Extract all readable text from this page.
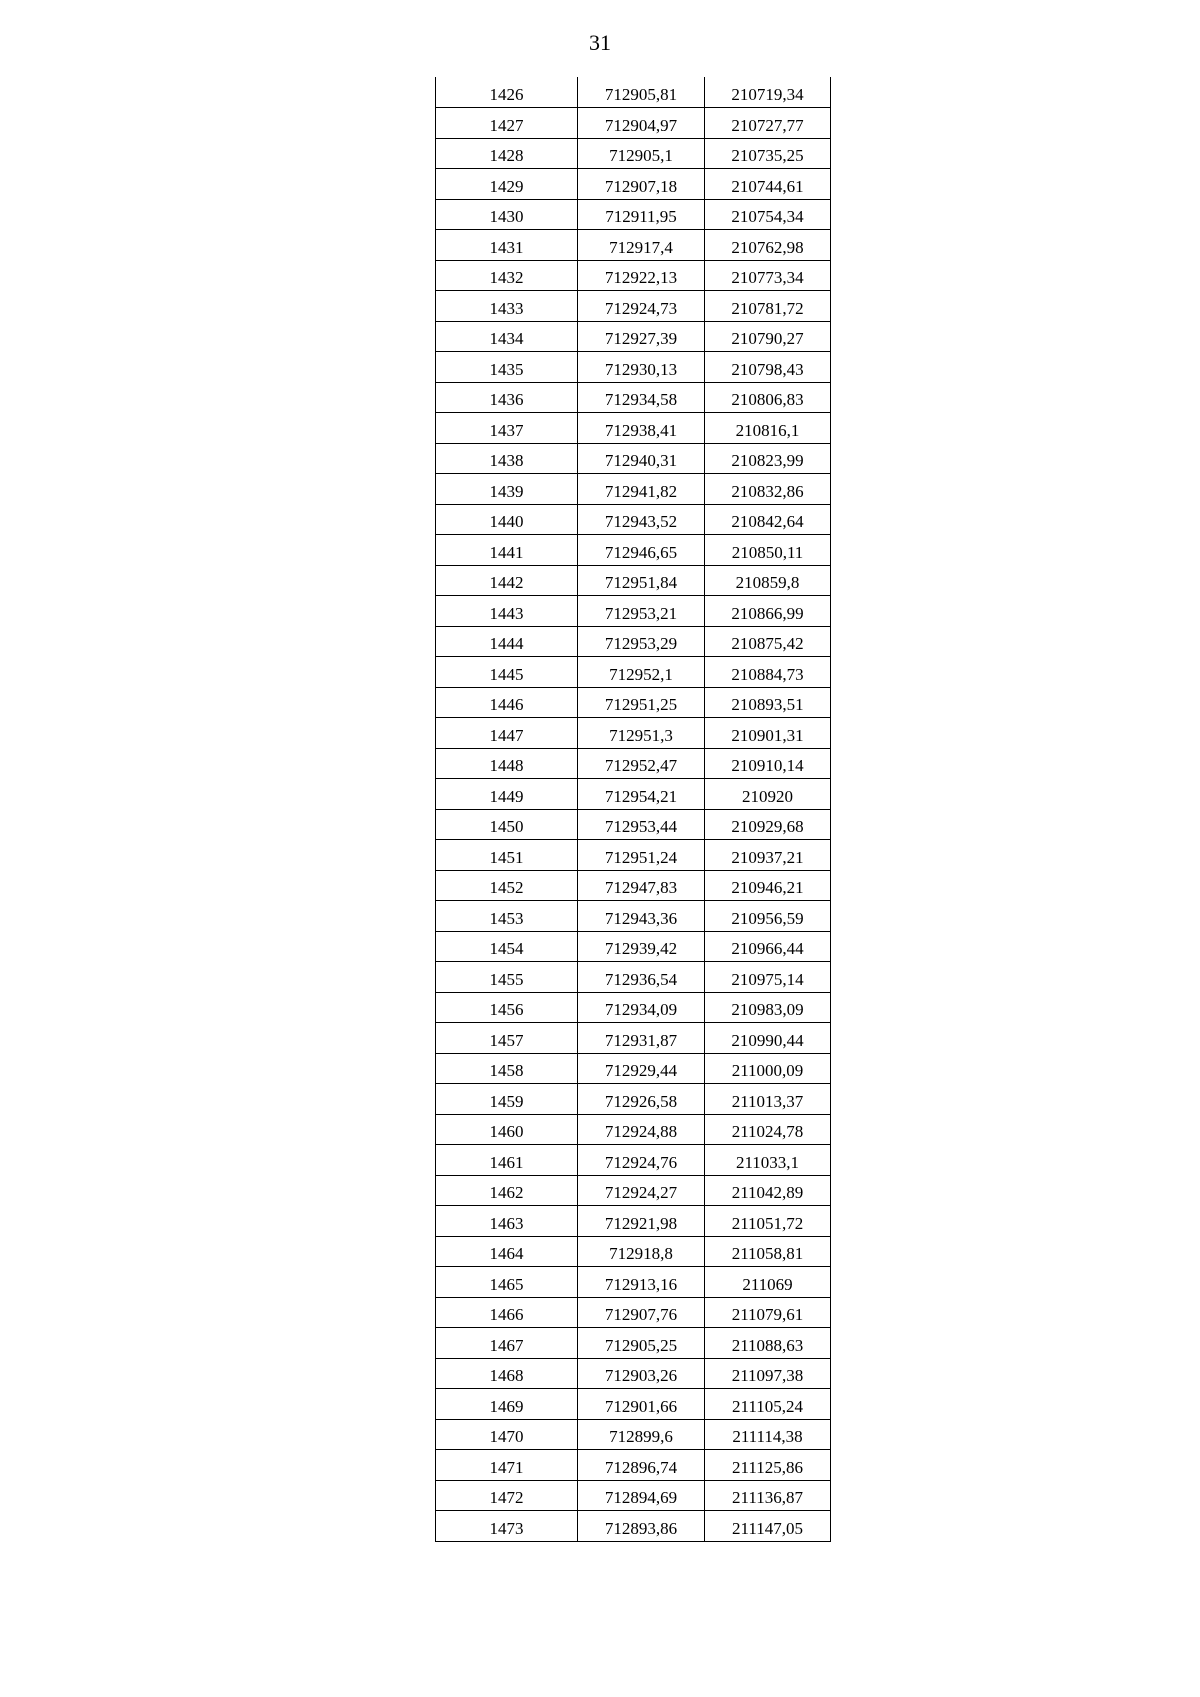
31
1426	712905,81	210719,34
1427	712904,97	210727,77
1428	712905,1	210735,25
1429	712907,18	210744,61
1430	712911,95	210754,34
1431	712917,4	210762,98
1432	712922,13	210773,34
1433	712924,73	210781,72
1434	712927,39	210790,27
1435	712930,13	210798,43
1436	712934,58	210806,83
1437	712938,41	210816,1
1438	712940,31	210823,99
1439	712941,82	210832,86
1440	712943,52	210842,64
1441	712946,65	210850,11
1442	712951,84	210859,8
1443	712953,21	210866,99
1444	712953,29	210875,42
1445	712952,1	210884,73
1446	712951,25	210893,51
1447	712951,3	210901,31
1448	712952,47	210910,14
1449	712954,21	210920
1450	712953,44	210929,68
1451	712951,24	210937,21
1452	712947,83	210946,21
1453	712943,36	210956,59
1454	712939,42	210966,44
1455	712936,54	210975,14
1456	712934,09	210983,09
1457	712931,87	210990,44
1458	712929,44	211000,09
1459	712926,58	211013,37
1460	712924,88	211024,78
1461	712924,76	211033,1
1462	712924,27	211042,89
1463	712921,98	211051,72
1464	712918,8	211058,81
1465	712913,16	211069
1466	712907,76	211079,61
1467	712905,25	211088,63
1468	712903,26	211097,38
1469	712901,66	211105,24
1470	712899,6	211114,38
1471	712896,74	211125,86
1472	712894,69	211136,87
1473	712893,86	211147,05
